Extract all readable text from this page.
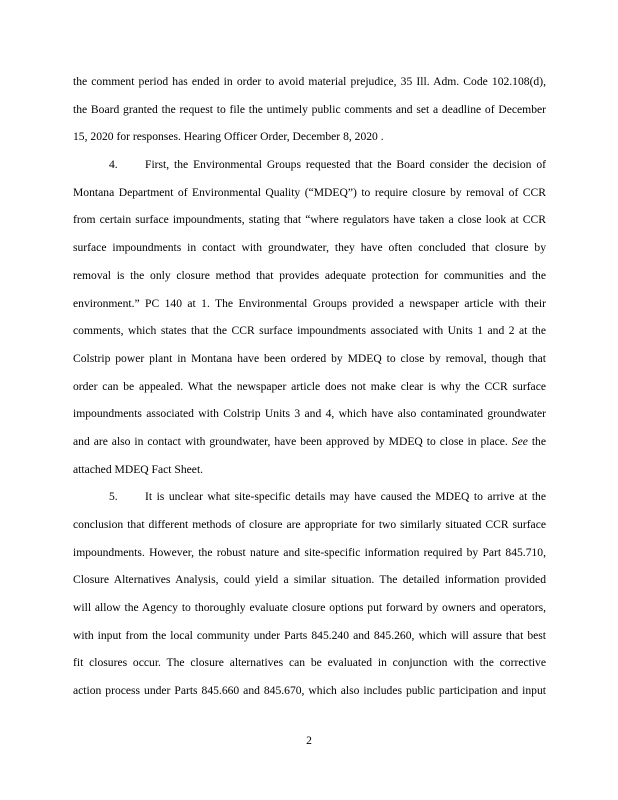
the comment period has ended in order to avoid material prejudice, 35 Ill. Adm. Code 102.108(d),
the Board granted the request to file the untimely public comments and set a deadline of December
15, 2020 for responses. Hearing Officer Order, December 8, 2020 .
4. First, the Environmental Groups requested that the Board consider the decision of
Montana Department of Environmental Quality (“MDEQ”) to require closure by removal of CCR
from certain surface impoundments, stating that “where regulators have taken a close look at CCR
surface impoundments in contact with groundwater, they have often concluded that closure by
removal is the only closure method that provides adequate protection for communities and the
environment.” PC 140 at 1. The Environmental Groups provided a newspaper article with their
comments, which states that the CCR surface impoundments associated with Units 1 and 2 at the
Colstrip power plant in Montana have been ordered by MDEQ to close by removal, though that
order can be appealed. What the newspaper article does not make clear is why the CCR surface
impoundments associated with Colstrip Units 3 and 4, which have also contaminated groundwater
and are also in contact with groundwater, have been approved by MDEQ to close in place. See the
attached MDEQ Fact Sheet.
5. It is unclear what site-specific details may have caused the MDEQ to arrive at the
conclusion that different methods of closure are appropriate for two similarly situated CCR surface
impoundments. However, the robust nature and site-specific information required by Part 845.710,
Closure Alternatives Analysis, could yield a similar situation. The detailed information provided
will allow the Agency to thoroughly evaluate closure options put forward by owners and operators,
with input from the local community under Parts 845.240 and 845.260, which will assure that best
fit closures occur. The closure alternatives can be evaluated in conjunction with the corrective
action process under Parts 845.660 and 845.670, which also includes public participation and input
2
